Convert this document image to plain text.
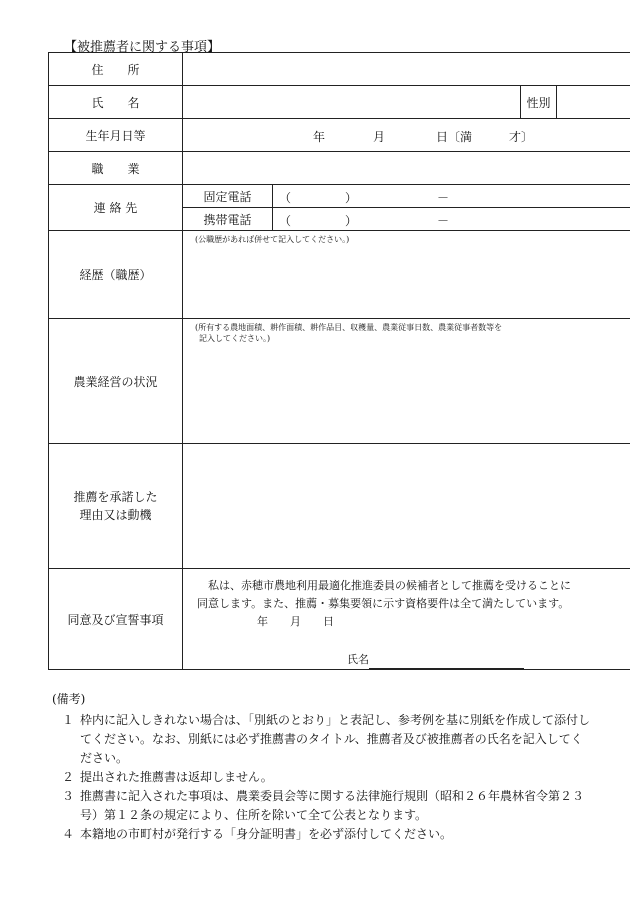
【被推薦者に関する事項】
住　　所				
氏　　名			性別	
生年月日等	年 月 日〔満 才〕			

職　　業				
連 絡 先	固定電話	（ ） －		

	携帯電話	（ ） －		

経歴（職歴）	(公職歴があれば併せて記入してください。)			

農業経営の状況	(所有する農地面積、耕作面積、耕作品目、収穫量、農業従事日数、農業従事者数等を
記入してください。)			

推薦を承諾した
理由又は動機				

同意及び宣誓事項	　私は、赤穂市農地利用最適化推進委員の候補者として推薦を受けることに
同意します。また、推薦・募集要領に示す資格要件は全て満たしています。
年　　月　　日
氏名			
(備考)
１ 枠内に記入しきれない場合は、「別紙のとおり」と表記し、参考例を基に別紙を作成して添付してください。なお、別紙には必ず推薦書のタイトル、推薦者及び被推薦者の氏名を記入してください。
２ 提出された推薦書は返却しません。
３ 推薦書に記入された事項は、農業委員会等に関する法律施行規則（昭和２６年農林省令第２３号）第１２条の規定により、住所を除いて全て公表となります。
４ 本籍地の市町村が発行する「身分証明書」を必ず添付してください。
